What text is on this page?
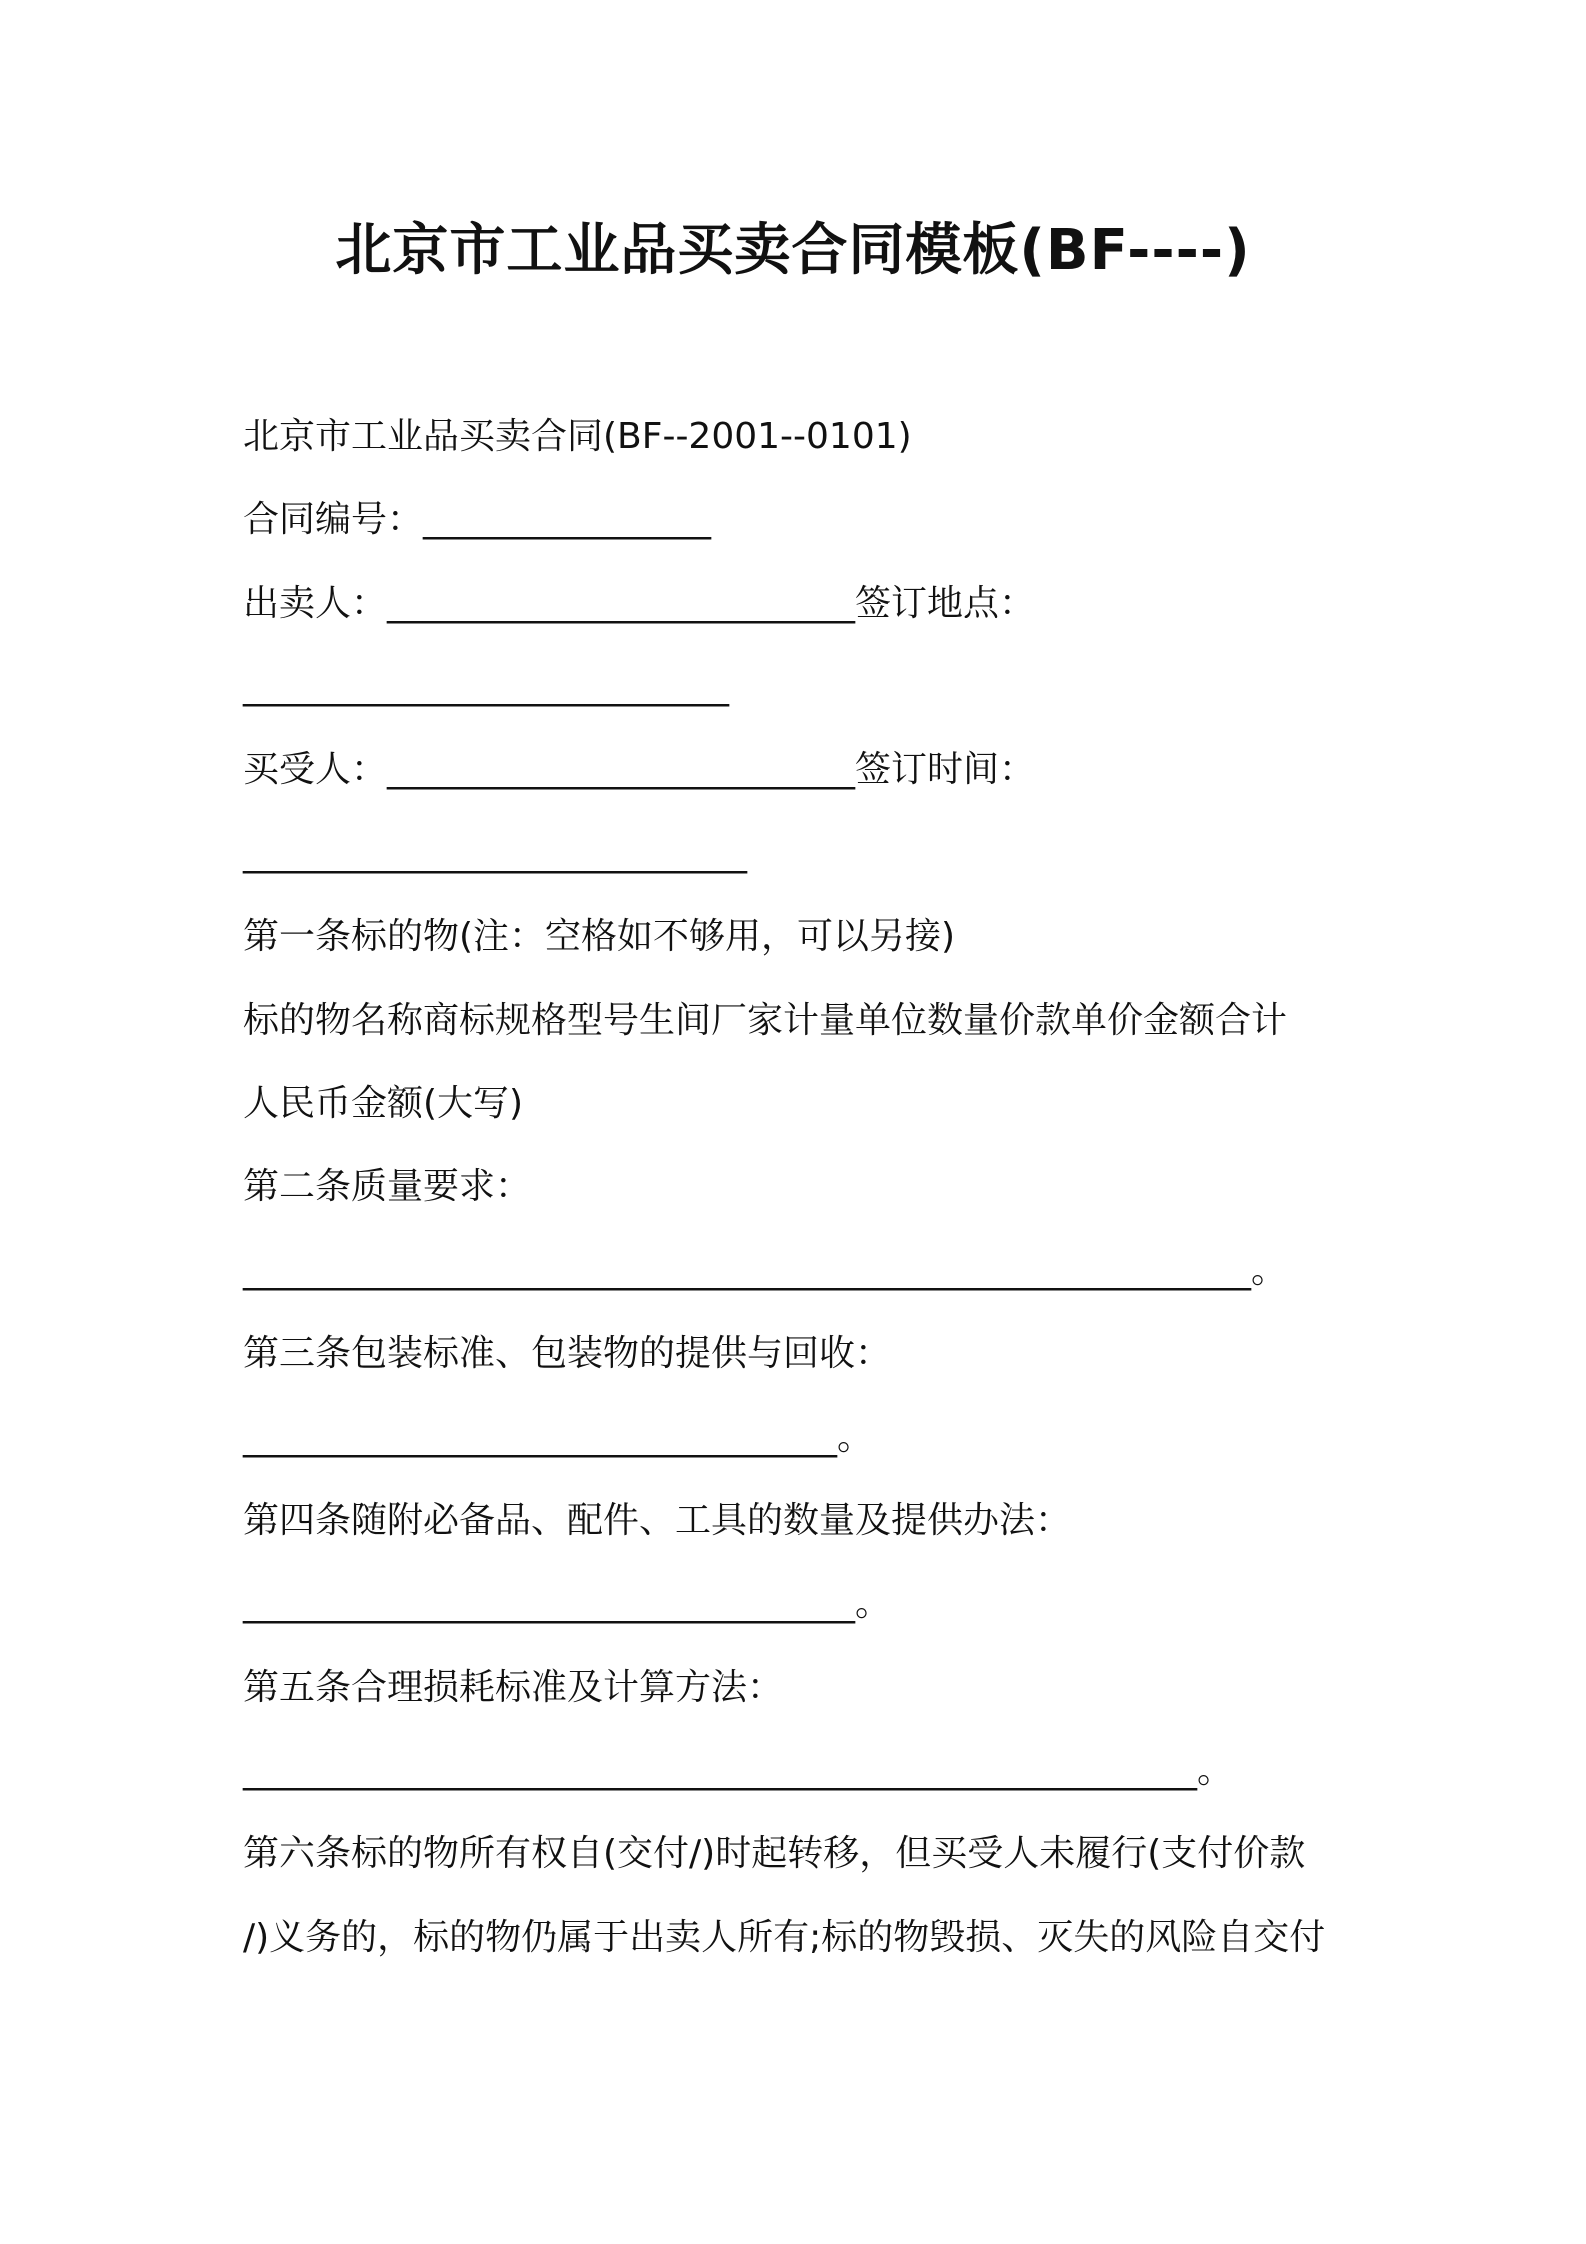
北京市工业品买卖合同模板(BF----)
北京市工业品买卖合同(BF--2001--0101)
合同编号：________________
出卖人：__________________________签订地点：
___________________________
买受人：__________________________签订时间：
____________________________
第一条标的物(注：空格如不够用，可以另接)
标的物名称商标规格型号生间厂家计量单位数量价款单价金额合计
人民币金额(大写)
第二条质量要求：
________________________________________________________。
第三条包装标准、包装物的提供与回收：
_________________________________。
第四条随附必备品、配件、工具的数量及提供办法：
__________________________________。
第五条合理损耗标准及计算方法：
_____________________________________________________。
第六条标的物所有权自(交付/)时起转移，但买受人未履行(支付价款
/)义务的，标的物仍属于出卖人所有;标的物毁损、灭失的风险自交付
